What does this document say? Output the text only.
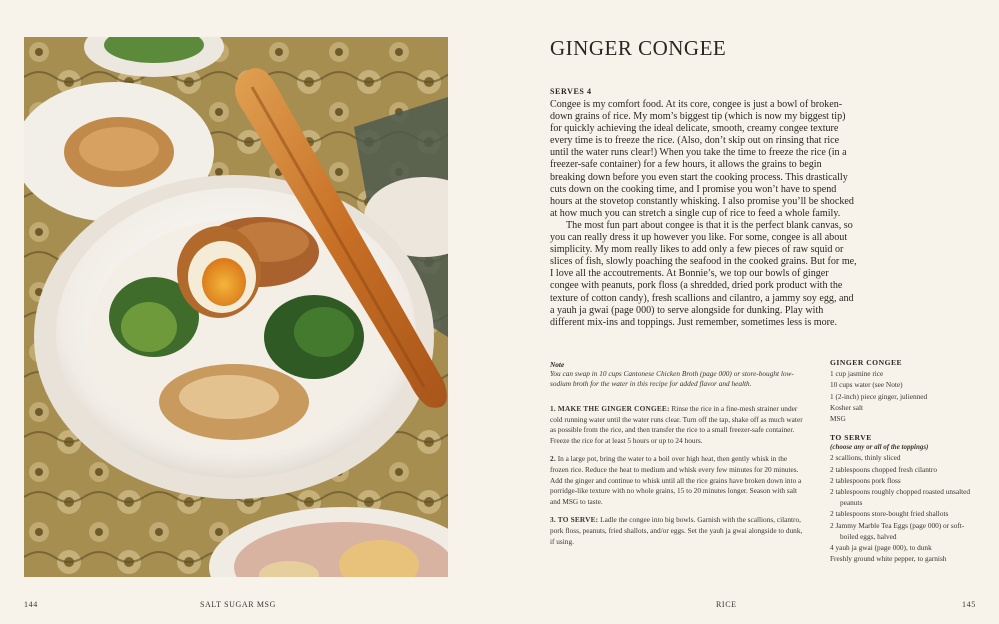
GINGER CONGEE
SERVES 4

Congee is my comfort food. At its core, congee is just a bowl of broken-down grains of rice. My mom’s biggest tip (which is now my biggest tip) for quickly achieving the ideal delicate, smooth, creamy congee texture every time is to freeze the rice. (Also, don’t skip out on rinsing that rice until the water runs clear!) When you take the time to freeze the rice (in a freezer-safe container) for a few hours, it allows the grains to begin breaking down before you even start the cooking process. This drastically cuts down on the cooking time, and I promise you won’t have to spend hours at the stovetop constantly whisking. I also promise you’ll be shocked at how much you can stretch a single cup of rice to feed a whole family.

The most fun part about congee is that it is the perfect blank canvas, so you can really dress it up however you like. For some, congee is all about simplicity. My mom really likes to add only a few pieces of raw squid or slices of fish, slowly poaching the seafood in the cooked grains. But for me, I love all the accoutrements. At Bonnie’s, we top our bowls of ginger congee with peanuts, pork floss (a shredded, dried pork product with the texture of cotton candy), fresh scallions and cilantro, a jammy soy egg, and a yauh ja gwai (page 000) to serve alongside for dunking. Play with different mix-ins and toppings. Just remember, sometimes less is more.

Note
You can swap in 10 cups Cantonese Chicken Broth (page 000) or store-bought low-sodium broth for the water in this recipe for added flavor and health.

1. MAKE THE GINGER CONGEE: Rinse the rice in a fine-mesh strainer under cold running water until the water runs clear. Turn off the tap, shake off as much water as possible from the rice, and then transfer the rice to a small freezer-safe container. Freeze the rice for at least 5 hours or up to 24 hours.

2. In a large pot, bring the water to a boil over high heat, then gently whisk in the frozen rice. Reduce the heat to medium and whisk every few minutes for 20 minutes. Add the ginger and continue to whisk until all the rice grains have broken down into a porridge-like texture with no whole grains, 15 to 20 minutes longer. Season with salt and MSG to taste.

3. TO SERVE: Ladle the congee into big bowls. Garnish with the scallions, cilantro, pork floss, peanuts, fried shallots, and/or eggs. Set the yauh ja gwai alongside to dunk, if using.

GINGER CONGEE
1 cup jasmine rice
10 cups water (see Note)
1 (2-inch) piece ginger, julienned
Kosher salt
MSG
TO SERVE
(choose any or all of the toppings)
2 scallions, thinly sliced
2 tablespoons chopped fresh cilantro
2 tablespoons pork floss
2 tablespoons roughly chopped roasted unsalted peanuts
2 tablespoons store-bought fried shallots
2 Jammy Marble Tea Eggs (page 000) or soft-boiled eggs, halved
4 yauh ja gwai (page 000), to dunk
Freshly ground white pepper, to garnish
144	SALT SUGAR MSG	RICE	145
